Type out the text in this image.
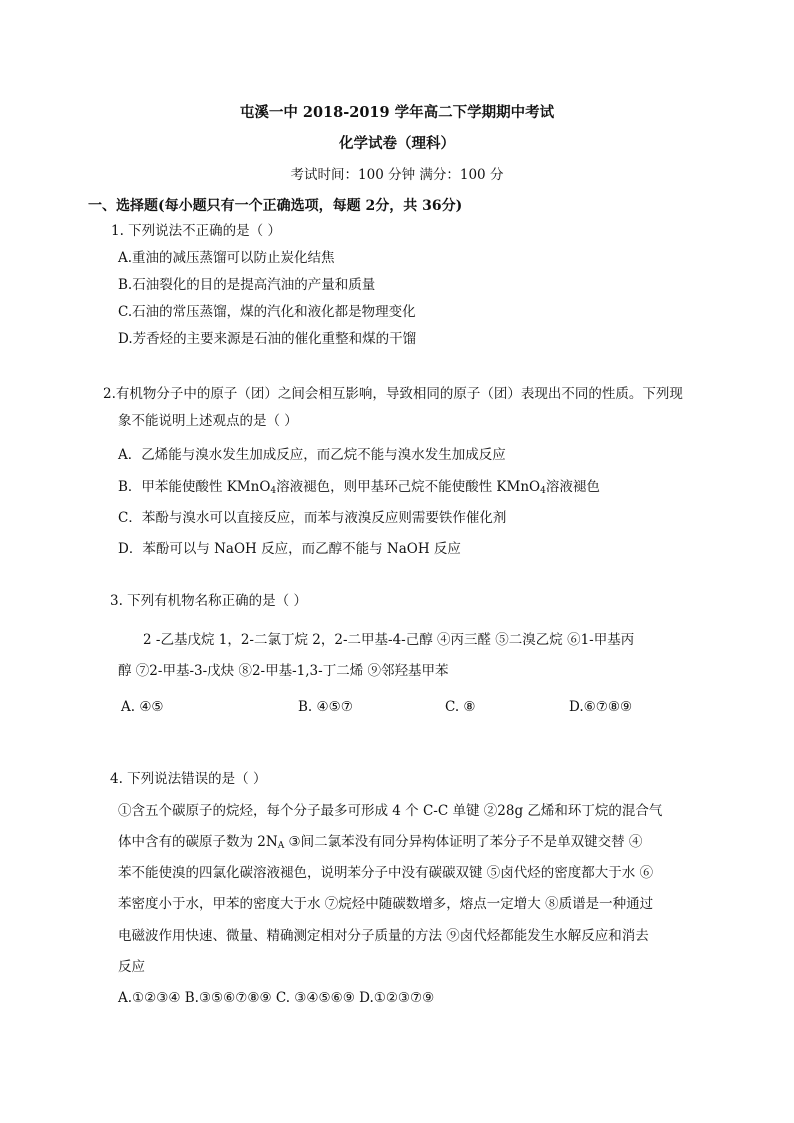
屯溪一中 2018-2019 学年高二下学期期中考试
化学试卷（理科）
考试时间：100 分钟 满分：100 分
一、选择题(每小题只有一个正确选项，每题 2分，共 36分)
1. 下列说法不正确的是（ ）
A.重油的减压蒸馏可以防止炭化结焦
B.石油裂化的目的是提高汽油的产量和质量
C.石油的常压蒸馏，煤的汽化和液化都是物理变化
D.芳香烃的主要来源是石油的催化重整和煤的干馏
2.有机物分子中的原子（团）之间会相互影响，导致相同的原子（团）表现出不同的性质。下列现
象不能说明上述观点的是（ ）
A．乙烯能与溴水发生加成反应，而乙烷不能与溴水发生加成反应
B．甲苯能使酸性 KMnO$_4$溶液褪色，则甲基环己烷不能使酸性 KMnO$_4$溶液褪色
C．苯酚与溴水可以直接反应，而苯与液溴反应则需要铁作催化剂
D．苯酚可以与 NaOH 反应，而乙醇不能与 NaOH 反应
3. 下列有机物名称正确的是（ ）
2 -乙基戊烷 1，2-二氯丁烷 2，2-二甲基-4-己醇 ④丙三醛 ⑤二溴乙烷 ⑥1-甲基丙
醇 ⑦2-甲基-3-戊炔 ⑧2-甲基-1,3-丁二烯 ⑨邻羟基甲苯
A. ④⑤	B. ④⑤⑦	C. ⑧	D.⑥⑦⑧⑨
4. 下列说法错误的是（ ）
①含五个碳原子的烷烃，每个分子最多可形成 4 个 C-C 单键 ②28g 乙烯和环丁烷的混合气
体中含有的碳原子数为 $2N_A$ ③间二氯苯没有同分异构体证明了苯分子不是单双键交替 ④
苯不能使溴的四氯化碳溶液褪色，说明苯分子中没有碳碳双键 ⑤卤代烃的密度都大于水 ⑥
苯密度小于水，甲苯的密度大于水 ⑦烷烃中随碳数增多，熔点一定增大 ⑧质谱是一种通过
电磁波作用快速、微量、精确测定相对分子质量的方法 ⑨卤代烃都能发生水解反应和消去
反应
A.①②③④ B.③⑤⑥⑦⑧⑨ C. ③④⑤⑥⑨ D.①②③⑦⑨
